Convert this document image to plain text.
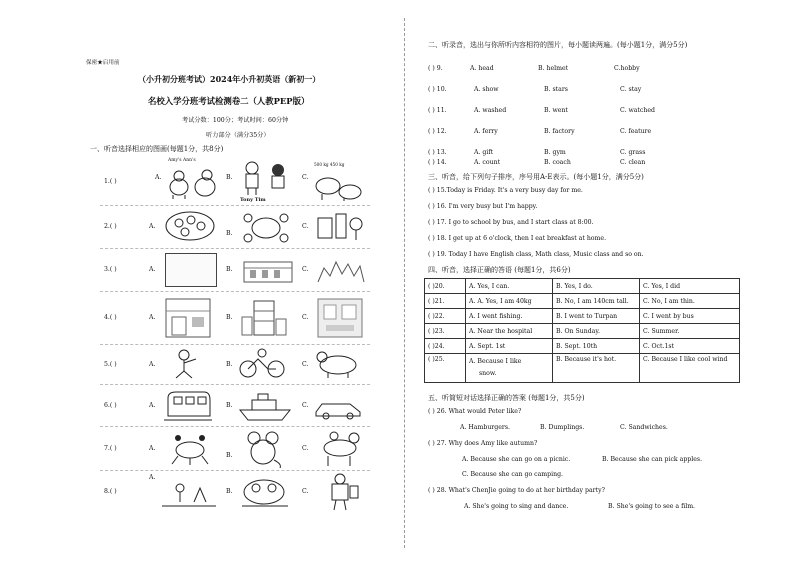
保密★启用前
（小升初分班考试）2024年小升初英语（新初一）
名校入学分班考试检测卷二（人教PEP版）
考试分数：100分；考试时间：60分钟
听力部分（满分35分）
一、听音选择相应的图画(每题1分，共8分)
1.( )
A.	B.	C.
Amy's Ann's
Tony Tim
500 kg 450 kg
2.( )	A.
B.
C.
3.( )	A.	B.	C.
4.( )	A.	B.	C.
5.( )	A.	B.	C.
6.( )	A.	B.	C.
7.( )	A.
B.
C.
8.( )
A.
B.	C.
二、听录音，选出与你所听内容相符的图片，每小题读两遍。(每小题1分，满分5分)
( ) 9.	A. head	B. helmet	C.hobby
( ) 10.	A. show	B. stars	C. stay
( ) 11.	A. washed	B. went	C. watched
( ) 12.	A. ferry	B. factory	C. feature
( ) 13.	A. gift	B. gym	C. grass
( ) 14.	A. count	B. coach	C. clean
三、听音，给下列句子排序，序号用A-E表示。(每小题1分，满分5分)
( ) 15.Today is Friday. It's a very busy day for me.
( ) 16. I'm very busy but I'm happy.
( ) 17. I go to school by bus, and I start class at 8:00.
( ) 18. I get up at 6 o'clock, then I eat breakfast at home.
( ) 19. Today I have English class, Math class, Music class and so on.
四、听音，选择正确的答语 (每题1分，共6分)
( )20.	A. Yes, I can.	B. Yes, I do.	C. Yes, I did
( )21.	A. A. Yes, I am 40kg	B. No, I am 140cm tall.	C. No, I am thin.
( )22.	A. I went fishing.	B. I went to Turpan	C. I went by bus
( )23.	A. Near the hospital	B. On Sunday.	C. Summer.
( )24.	A. Sept. 1st	B. Sept. 10th	C. Oct.1st
( )25.	A. Because I like
snow.	B. Because it's hot.	C. Because I like cool wind
五、听简短对话选择正确的答案 (每题1分，共5分)
( ) 26. What would Peter like?
A. Hamburgers.	B. Dumplings.	C. Sandwiches.
( ) 27. Why does Amy like autumn?
A. Because she can go on a picnic.	B. Because she can pick apples.
C. Because she can go camping.
( ) 28. What's ChenJie going to do at her birthday party?
A. She's going to sing and dance.	B. She's going to see a film.
